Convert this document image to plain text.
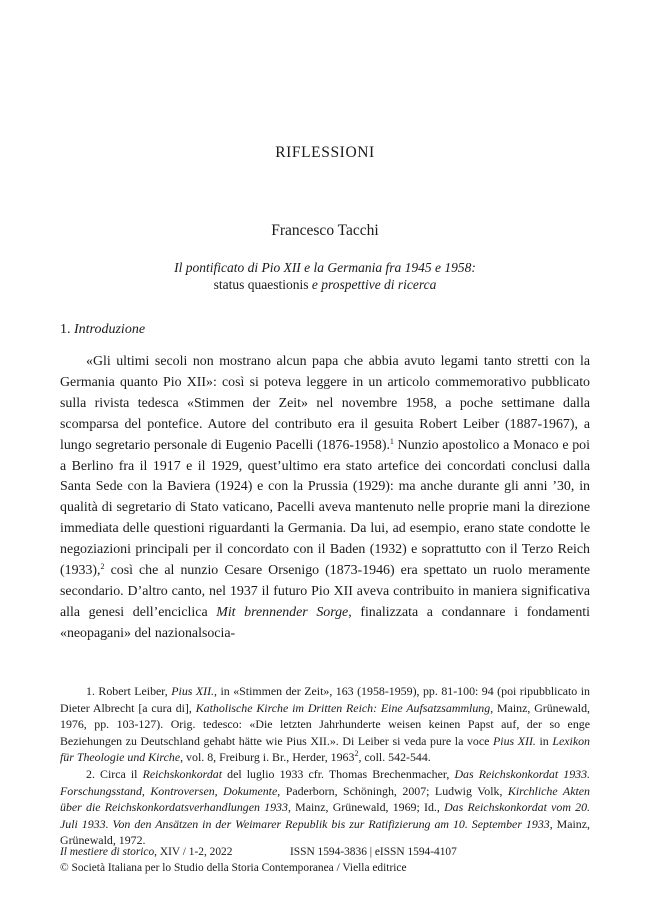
RIFLESSIONI
Francesco Tacchi
Il pontificato di Pio XII e la Germania fra 1945 e 1958:
status quaestionis e prospettive di ricerca
1. Introduzione

«Gli ultimi secoli non mostrano alcun papa che abbia avuto legami tanto stretti con la Germania quanto Pio XII»: così si poteva leggere in un articolo commemorativo pubblicato sulla rivista tedesca «Stimmen der Zeit» nel novembre 1958, a poche settimane dalla scomparsa del pontefice. Autore del contributo era il gesuita Robert Leiber (1887-1967), a lungo segretario personale di Eugenio Pacelli (1876-1958).$^1$ Nunzio apostolico a Monaco e poi a Berlino fra il 1917 e il 1929, quest’ultimo era stato artefice dei concordati conclusi dalla Santa Sede con la Baviera (1924) e con la Prussia (1929): ma anche durante gli anni ’30, in qualità di segretario di Stato vaticano, Pacelli aveva mantenuto nelle proprie mani la direzione immediata delle questioni riguardanti la Germania. Da lui, ad esempio, erano state condotte le negoziazioni principali per il concordato con il Baden (1932) e soprattutto con il Terzo Reich (1933),$^2$ così che al nunzio Cesare Orsenigo (1873-1946) era spettato un ruolo meramente secondario. D’altro canto, nel 1937 il futuro Pio XII aveva contribuito in maniera significativa alla genesi dell’enciclica Mit brennender Sorge, finalizzata a condannare i fondamenti «neopagani» del nazionalsocia-

1. Robert Leiber, Pius XII., in «Stimmen der Zeit», 163 (1958-1959), pp. 81-100: 94 (poi ripubblicato in Dieter Albrecht [a cura di], Katholische Kirche im Dritten Reich: Eine Aufsatzsammlung, Mainz, Grünewald, 1976, pp. 103-127). Orig. tedesco: «Die letzten Jahrhunderte weisen keinen Papst auf, der so enge Beziehungen zu Deutschland gehabt hätte wie Pius XII.». Di Leiber si veda pure la voce Pius XII. in Lexikon für Theologie und Kirche, vol. 8, Freiburg i. Br., Herder, 1963$^2$, coll. 542-544.

2. Circa il Reichskonkordat del luglio 1933 cfr. Thomas Brechenmacher, Das Reichskonkordat 1933. Forschungsstand, Kontroversen, Dokumente, Paderborn, Schöningh, 2007; Ludwig Volk, Kirchliche Akten über die Reichskonkordatsverhandlungen 1933, Mainz, Grünewald, 1969; Id., Das Reichskonkordat vom 20. Juli 1933. Von den Ansätzen in der Weimarer Republik bis zur Ratifizierung am 10. September 1933, Mainz, Grünewald, 1972.

Il mestiere di storico, XIV / 1-2, 2022	ISSN 1594-3836 | eISSN 1594-4107
© Società Italiana per lo Studio della Storia Contemporanea / Viella editrice
